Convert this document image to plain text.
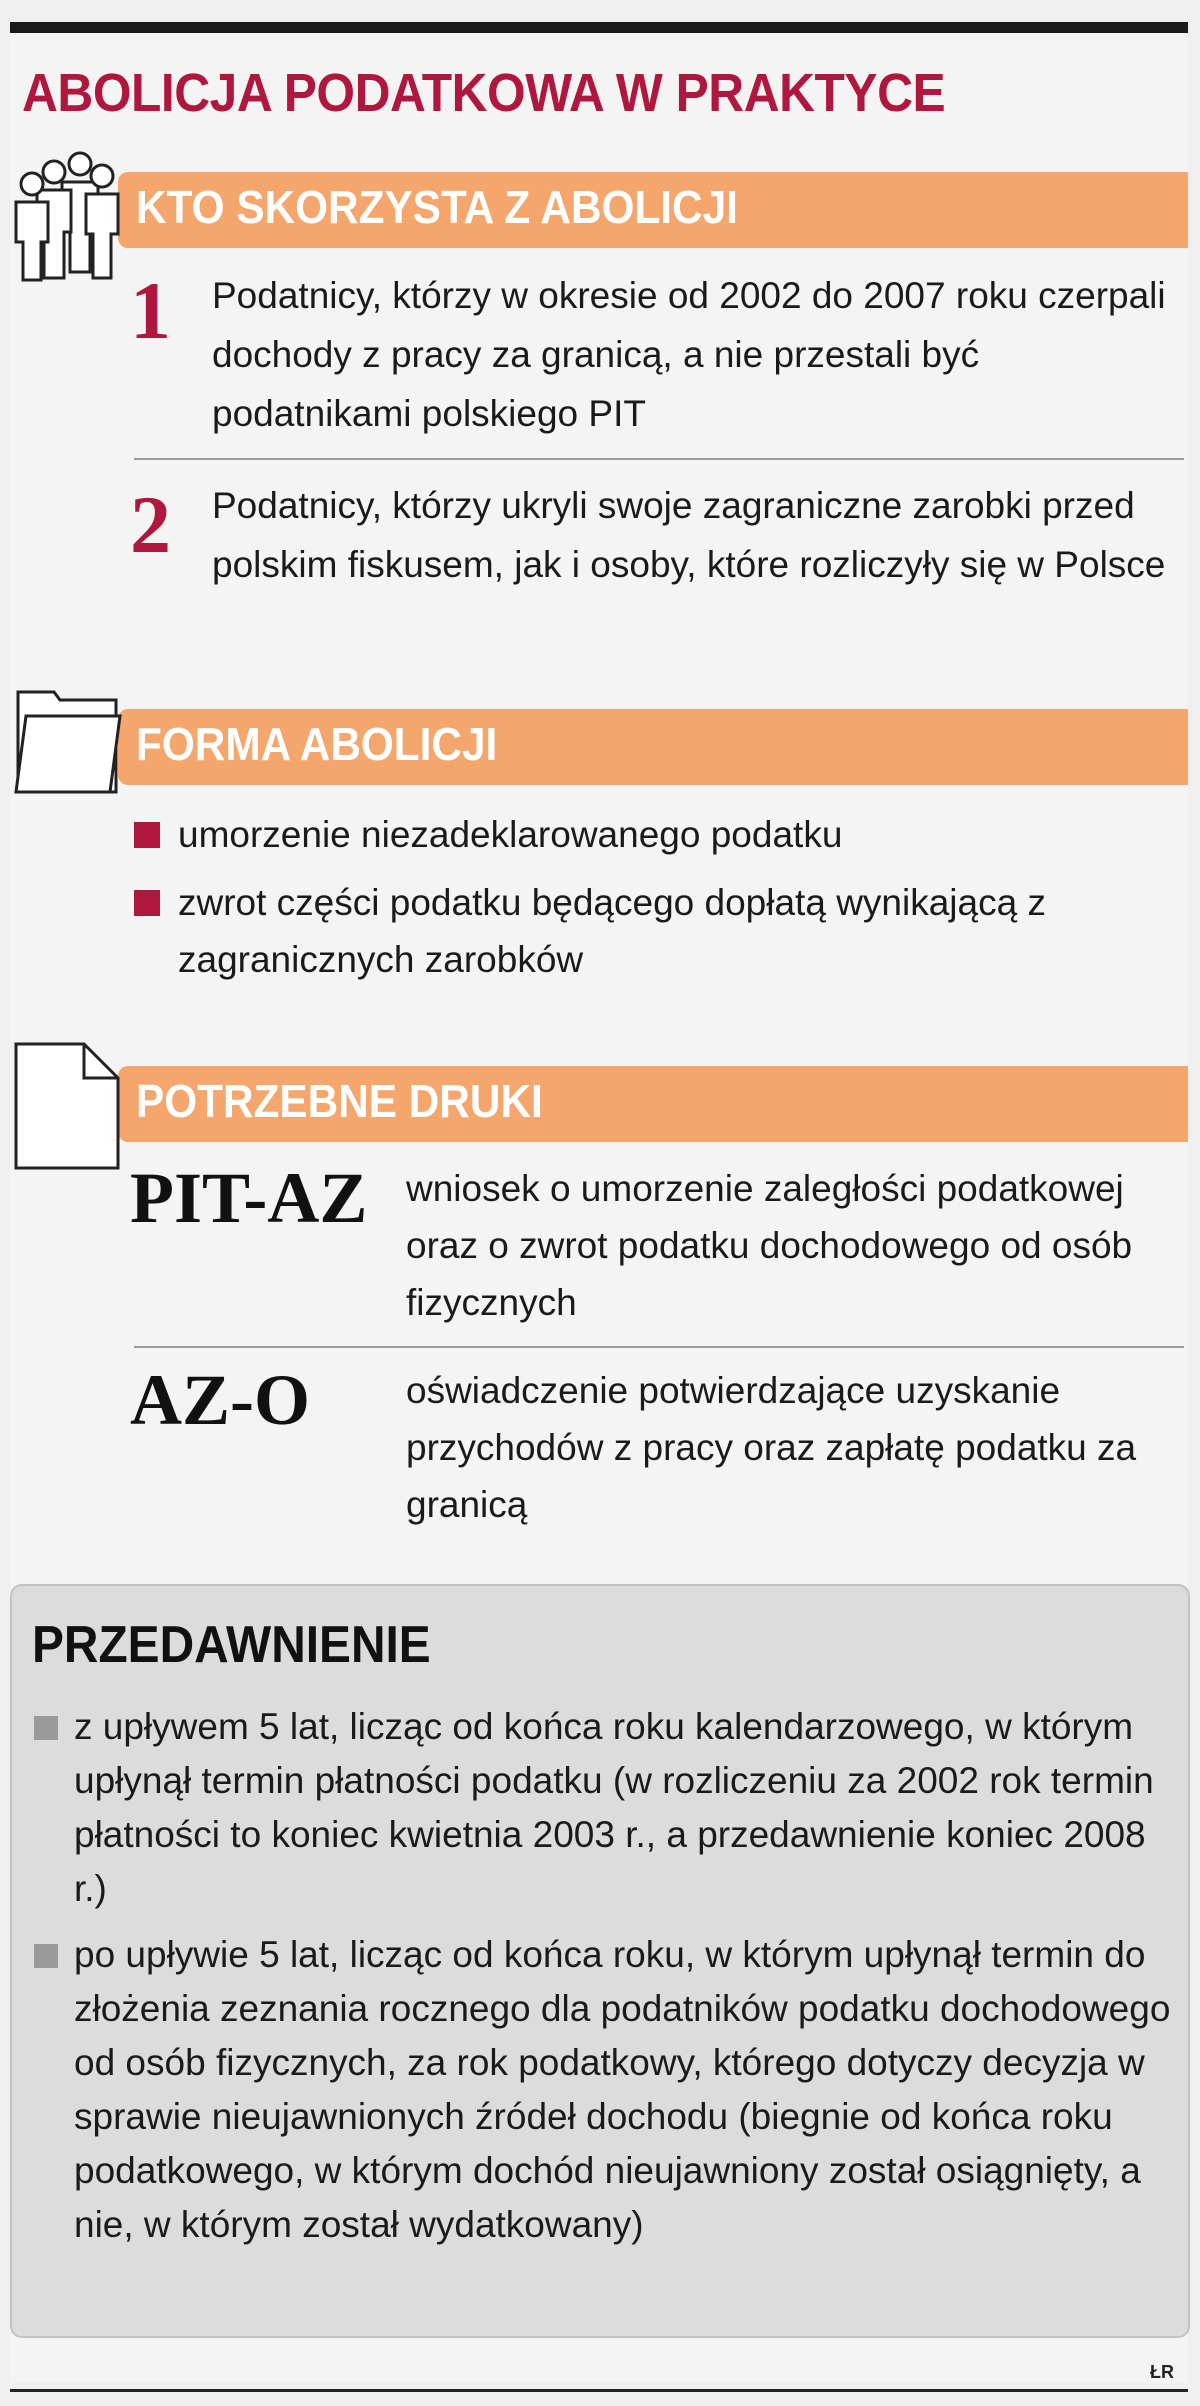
ABOLICJA PODATKOWA W PRAKTYCE
KTO SKORZYSTA Z ABOLICJI
1 Podatnicy, którzy w okresie od 2002 do 2007 roku czerpali dochody z pracy za granicą, a nie przestali być podatnikami polskiego PIT
2 Podatnicy, którzy ukryli swoje zagraniczne zarobki przed polskim fiskusem, jak i osoby, które rozliczyły się w Polsce
FORMA ABOLICJI
umorzenie niezadeklarowanego podatku
zwrot części podatku będącego dopłatą wynikającą z zagranicznych zarobków
POTRZEBNE DRUKI
PIT-AZ wniosek o umorzenie zaległości podatkowej oraz o zwrot podatku dochodowego od osób fizycznych
AZ-O	oświadczenie potwierdzające uzyskanie przychodów z pracy oraz zapłatę podatku za granicą
PRZEDAWNIENIE
z upływem 5 lat, licząc od końca roku kalendarzowego, w którym upłynął termin płatności podatku (w rozliczeniu za 2002 rok termin płatności to koniec kwietnia 2003 r., a przedawnienie koniec 2008 r.)
po upływie 5 lat, licząc od końca roku, w którym upłynął termin do złożenia zeznania rocznego dla podatników podatku dochodowego od osób fizycznych, za rok podatkowy, którego dotyczy decyzja w sprawie nieujawnionych źródeł dochodu (biegnie od końca roku podatkowego, w którym dochód nieujawniony został osiągnięty, a nie, w którym został wydatkowany)
ŁR
